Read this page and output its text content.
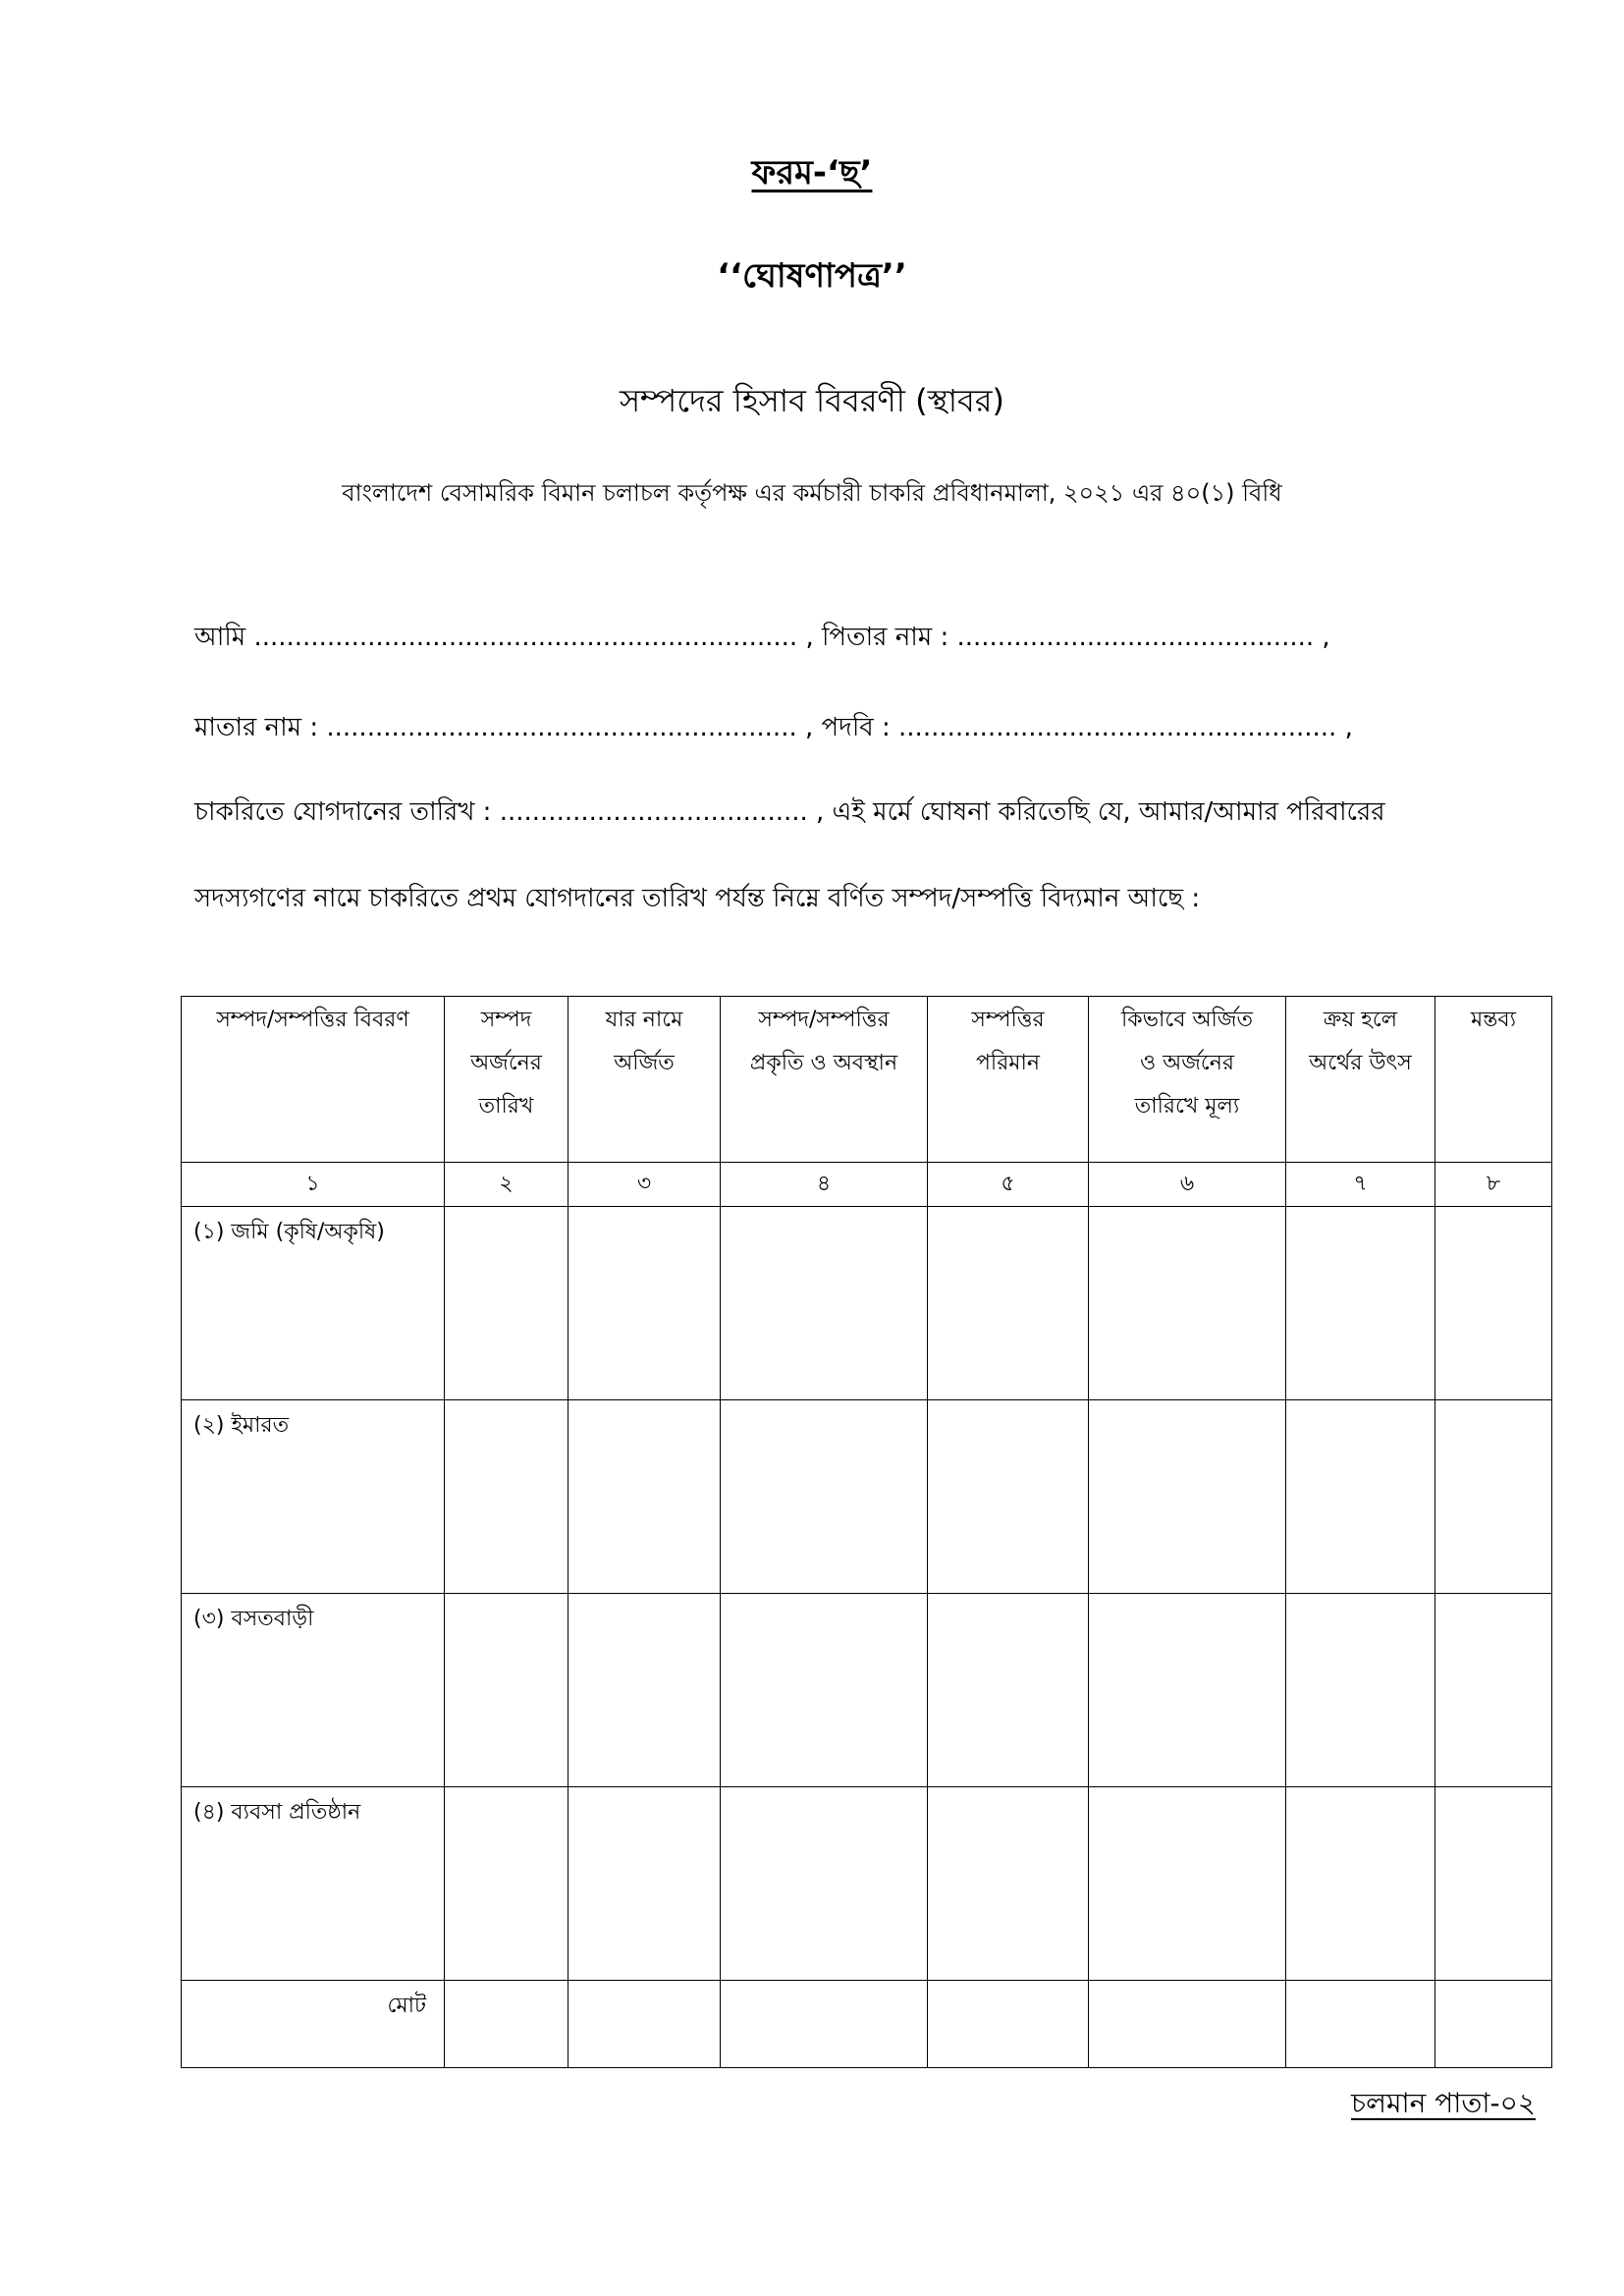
ফরম-‘ছ’
‘‘ঘোষণাপত্র’’
সম্পদের হিসাব বিবরণী (স্থাবর)
বাংলাদেশ বেসামরিক বিমান চলাচল কর্তৃপক্ষ এর কর্মচারী চাকরি প্রবিধানমালা, ২০২১ এর ৪০(১) বিধি
আমি ................................................................... , পিতার নাম : ............................................ ,
মাতার নাম : .......................................................... , পদবি : ...................................................... ,
চাকরিতে যোগদানের তারিখ : ...................................... , এই মর্মে ঘোষনা করিতেছি যে, আমার/আমার পরিবারের
সদস্যগণের নামে চাকরিতে প্রথম যোগদানের তারিখ পর্যন্ত নিম্নে বর্ণিত সম্পদ/সম্পত্তি বিদ্যমান আছে :
সম্পদ/সম্পত্তির বিবরণ	সম্পদ অর্জনের তারিখ	যার নামে অর্জিত	সম্পদ/সম্পত্তির প্রকৃতি ও অবস্থান	সম্পত্তির পরিমান	কিভাবে অর্জিত ও অর্জনের তারিখে মূল্য	ক্রয় হলে অর্থের উৎস	মন্তব্য
১	২	৩	৪	৫	৬	৭	৮
(১) জমি (কৃষি/অকৃষি)							
(২) ইমারত							
(৩) বসতবাড়ী							
(৪) ব্যবসা প্রতিষ্ঠান							
মোট							
চলমান পাতা-০২
